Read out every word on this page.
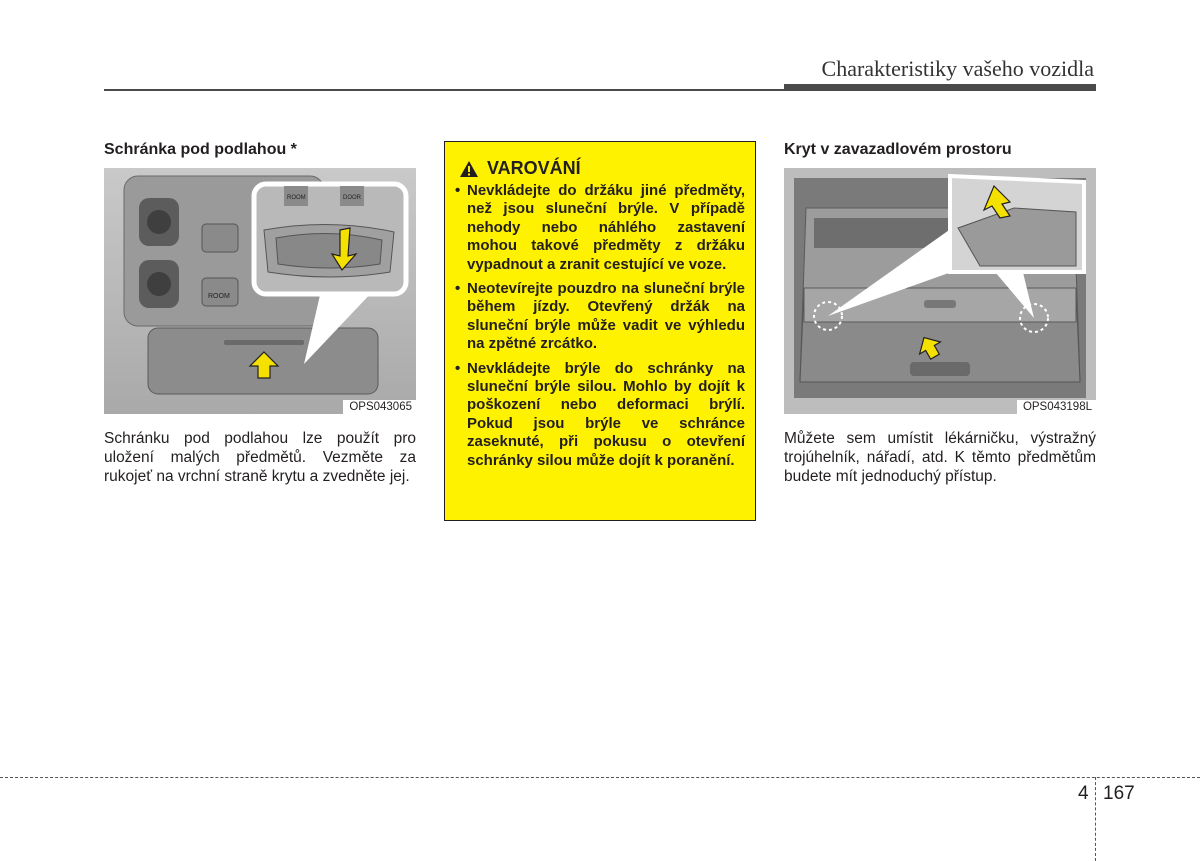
Charakteristiky vašeho vozidla
Schránka pod podlahou *
ROOM
ROOM	DOOR
OPS043065
Schránku pod podlahou lze použít pro uložení malých předmětů. Vezměte za rukojeť na vrchní straně krytu a zvedněte jej.
VAROVÁNÍ
• Nevkládejte do držáku jiné předměty, než jsou sluneční brýle. V případě nehody nebo náhlého zastavení mohou takové předměty z držáku vypadnout a zranit cestující ve voze.
• Neotevírejte pouzdro na sluneční brýle během jízdy. Otevřený držák na sluneční brýle může vadit ve výhledu na zpětné zrcátko.
• Nevkládejte brýle do schránky na sluneční brýle silou. Mohlo by dojít k poškození nebo deformaci brýlí. Pokud jsou brýle ve schránce zaseknuté, při pokusu o otevření schránky silou může dojít k poranění.
Kryt v zavazadlovém prostoru
OPS043198L
Můžete sem umístit lékárničku, výstražný trojúhelník, nářadí, atd. K těmto předmětům budete mít jednoduchý přístup.
4 167
